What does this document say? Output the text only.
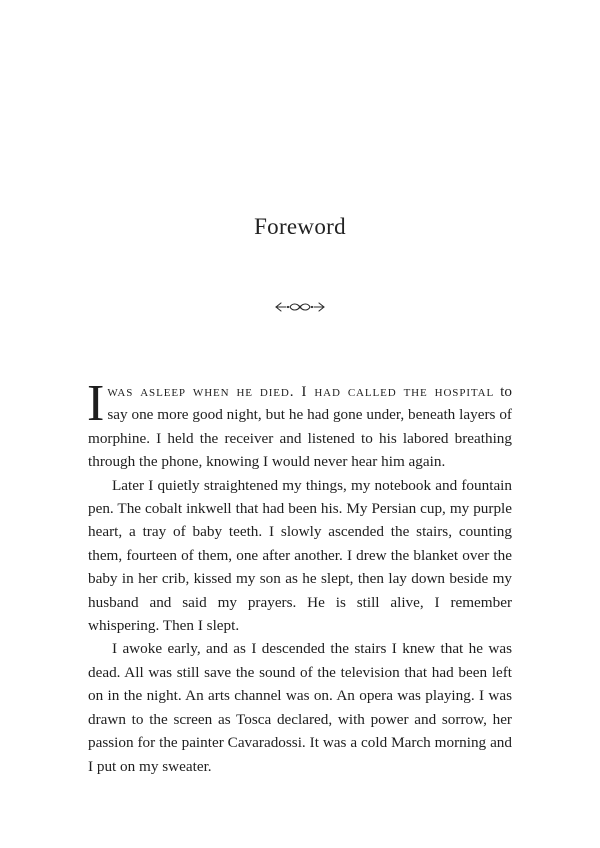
Foreword

Iwas asleep when he died. I had called the hospital to say one more good night, but he had gone under, beneath layers of morphine. I held the receiver and listened to his labored breathing through the phone, knowing I would never hear him again.

Later I quietly straightened my things, my notebook and fountain pen. The cobalt inkwell that had been his. My Persian cup, my purple heart, a tray of baby teeth. I slowly ascended the stairs, counting them, fourteen of them, one after another. I drew the blanket over the baby in her crib, kissed my son as he slept, then lay down beside my husband and said my prayers. He is still alive, I remember whispering. Then I slept.

I awoke early, and as I descended the stairs I knew that he was dead. All was still save the sound of the television that had been left on in the night. An arts channel was on. An opera was playing. I was drawn to the screen as Tosca declared, with power and sorrow, her passion for the painter Cavaradossi. It was a cold March morning and I put on my sweater.
